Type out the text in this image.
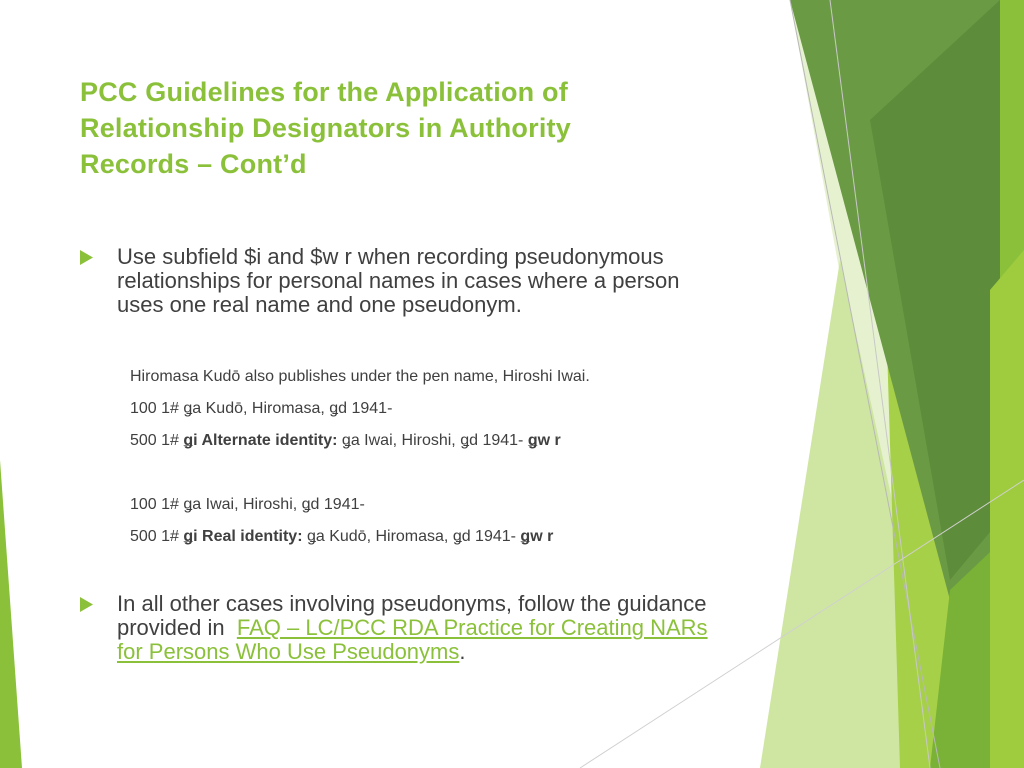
PCC Guidelines for the Application of
Relationship Designators in Authority
Records – Cont’d
Use subfield $i and $w r when recording pseudonymous
relationships for personal names in cases where a person
uses one real name and one pseudonym.
Hiromasa Kudō also publishes under the pen name, Hiroshi Iwai.
100 1# ǥa Kudō, Hiromasa, ǥd 1941-
500 1# ǥi Alternate identity: ǥa Iwai, Hiroshi, ǥd 1941- ǥw r
100 1# ǥa Iwai, Hiroshi, ǥd 1941-
500 1# ǥi Real identity: ǥa Kudō, Hiromasa, ǥd 1941- ǥw r
In all other cases involving pseudonyms, follow the guidance
provided in  FAQ – LC/PCC RDA Practice for Creating NARs
for Persons Who Use Pseudonyms.
